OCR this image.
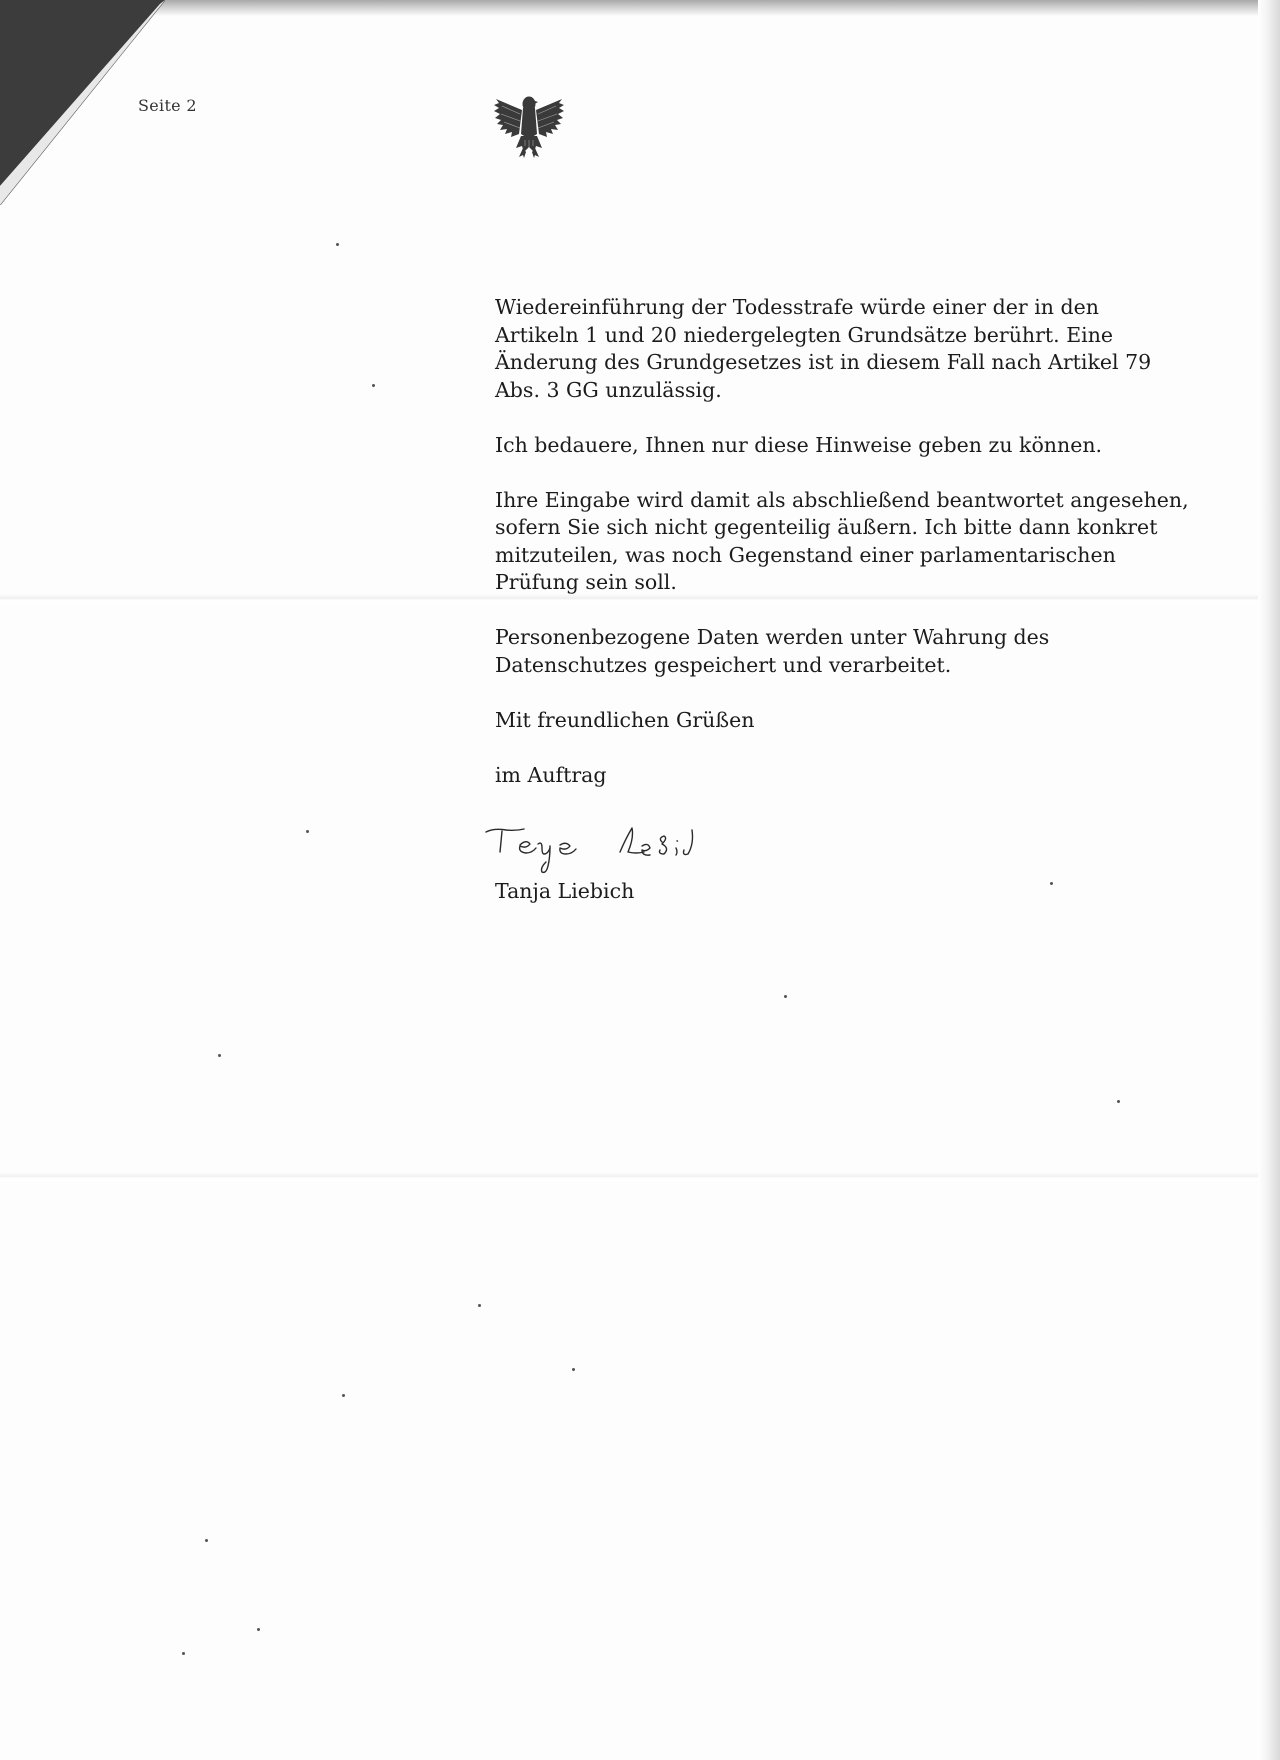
Seite 2

Wiedereinführung der Todesstrafe würde einer der in den
Artikeln 1 und 20 niedergelegten Grundsätze berührt. Eine
Änderung des Grundgesetzes ist in diesem Fall nach Artikel 79
Abs. 3 GG unzulässig.

Ich bedauere, Ihnen nur diese Hinweise geben zu können.

Ihre Eingabe wird damit als abschließend beantwortet angesehen,
sofern Sie sich nicht gegenteilig äußern. Ich bitte dann konkret
mitzuteilen, was noch Gegenstand einer parlamentarischen
Prüfung sein soll.

Personenbezogene Daten werden unter Wahrung des
Datenschutzes gespeichert und verarbeitet.

Mit freundlichen Grüßen

im Auftrag

Tanja Liebich
